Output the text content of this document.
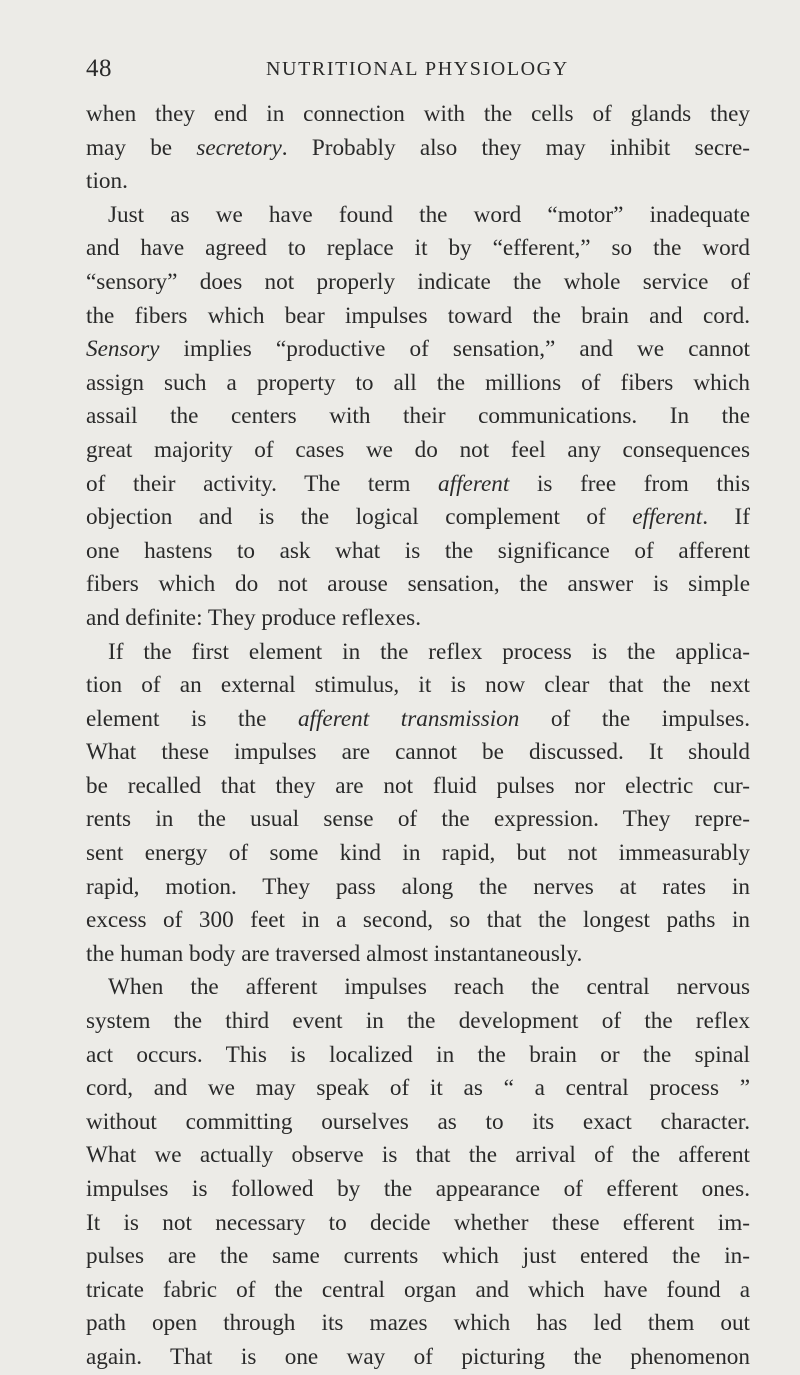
48	NUTRITIONAL PHYSIOLOGY
when they end in connection with the cells of glands they
may be secretory. Probably also they may inhibit secre-
tion.
Just as we have found the word “motor” inadequate
and have agreed to replace it by “efferent,” so the word
“sensory” does not properly indicate the whole service of
the fibers which bear impulses toward the brain and cord.
Sensory implies “productive of sensation,” and we cannot
assign such a property to all the millions of fibers which
assail the centers with their communications. In the
great majority of cases we do not feel any consequences
of their activity. The term afferent is free from this
objection and is the logical complement of efferent. If
one hastens to ask what is the significance of afferent
fibers which do not arouse sensation, the answer is simple
and definite: They produce reflexes.
If the first element in the reflex process is the applica-
tion of an external stimulus, it is now clear that the next
element is the afferent transmission of the impulses.
What these impulses are cannot be discussed. It should
be recalled that they are not fluid pulses nor electric cur-
rents in the usual sense of the expression. They repre-
sent energy of some kind in rapid, but not immeasurably
rapid, motion. They pass along the nerves at rates in
excess of 300 feet in a second, so that the longest paths in
the human body are traversed almost instantaneously.
When the afferent impulses reach the central nervous
system the third event in the development of the reflex
act occurs. This is localized in the brain or the spinal
cord, and we may speak of it as “ a central process ”
without committing ourselves as to its exact character.
What we actually observe is that the arrival of the afferent
impulses is followed by the appearance of efferent ones.
It is not necessary to decide whether these efferent im-
pulses are the same currents which just entered the in-
tricate fabric of the central organ and which have found a
path open through its mazes which has led them out
again. That is one way of picturing the phenomenon
